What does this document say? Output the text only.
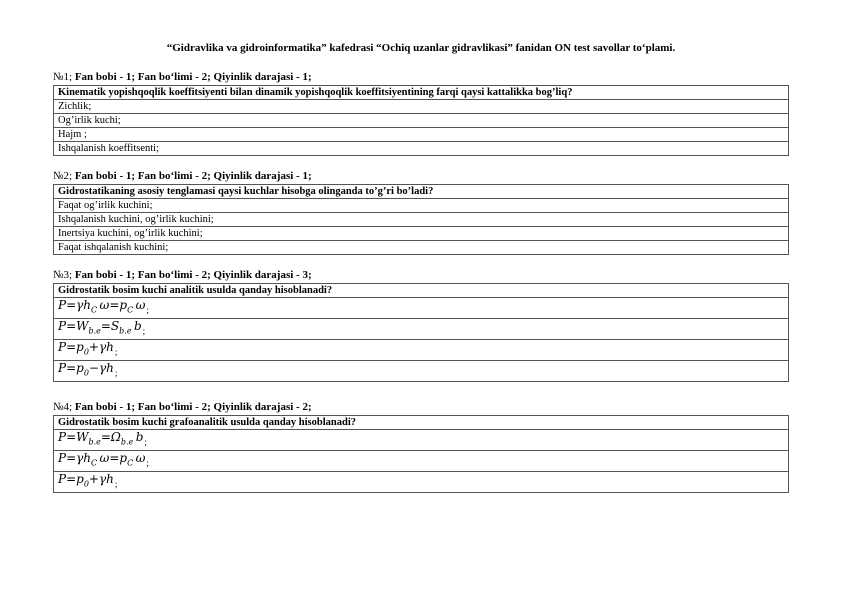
“Gidravlika va gidroinformatika” kafedrasi “Ochiq uzanlar gidravlikasi” fanidan ON test savollar to‘plami.
№1; Fan bobi - 1; Fan bo‘limi - 2; Qiyinlik darajasi - 1;
Kinematik yopishqoqlik koeffitsiyenti bilan dinamik yopishqoqlik koeffitsiyentining farqi qaysi kattalikka bog’liq?
Zichlik;
Og’irlik kuchi;
Hajm ;
Ishqalanish koeffitsenti;
№2; Fan bobi - 1; Fan bo‘limi - 2; Qiyinlik darajasi - 1;
Gidrostatikaning asosiy tenglamasi qaysi kuchlar hisobga olinganda to’g’ri bo’ladi?
Faqat og’irlik kuchini;
Ishqalanish kuchini, og’irlik kuchini;
Inertsiya kuchini, og’irlik kuchini;
Faqat ishqalanish kuchini;
№3; Fan bobi - 1; Fan bo‘limi - 2; Qiyinlik darajasi - 3;
Gidrostatik bosim kuchi analitik usulda qanday hisoblanadi?
$P=\gamma h_C$ $\omega=p_C$ ω;
$P=W_{b.e}=S_{b.e}$ b;
$P=p_0+\gamma h$;
$P=p_0-\gamma h$;
№4; Fan bobi - 1; Fan bo‘limi - 2; Qiyinlik darajasi - 2;
Gidrostatik bosim kuchi grafoanalitik usulda qanday hisoblanadi?
$P=W_{b.e}=\Omega_{b.e}$ b;
$P=\gamma h_C$ $\omega=p_C$ ω;
$P=p_0+\gamma h$;
